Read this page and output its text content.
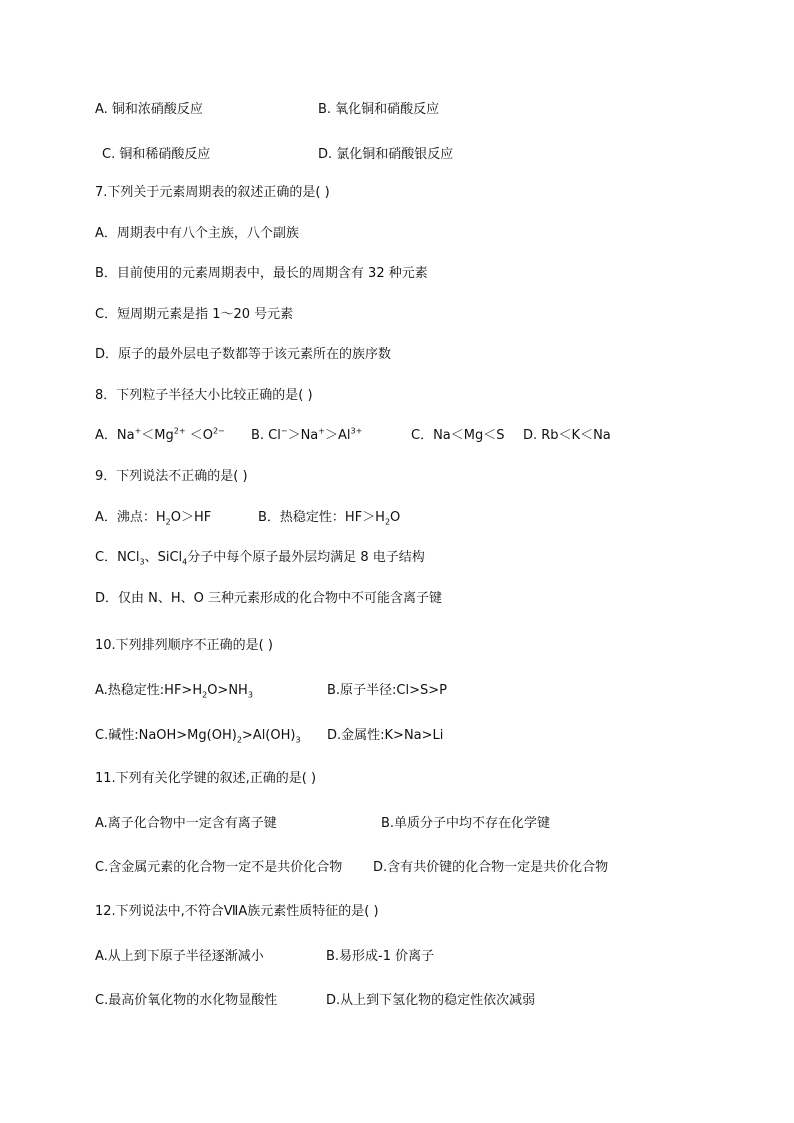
A. 铜和浓硝酸反应	B. 氧化铜和硝酸反应
C. 铜和稀硝酸反应	D. 氯化铜和硝酸银反应
7.下列关于元素周期表的叙述正确的是( )
A．周期表中有八个主族，八个副族
B．目前使用的元素周期表中，最长的周期含有 32 种元素
C．短周期元素是指 1～20 号元素
D．原子的最外层电子数都等于该元素所在的族序数
8．下列粒子半径大小比较正确的是( )
A．$Na^+<Mg^{2+} <O^{2-}$ B. $Cl^->Na^+>Al^{3+}$	C．Na＜Mg＜S D. Rb＜K＜Na
9．下列说法不正确的是( )
A．沸点：$H_2O>HF$	B．热稳定性：$HF>H_2O$
C．NCl$_3$、SiCl$_4$分子中每个原子最外层均满足 8 电子结构
D．仅由 N、H、O 三种元素形成的化合物中不可能含离子键
10.下列排列顺序不正确的是( )
A.热稳定性$:HF>H_2O>NH_3$	B.原子半径:Cl>S>P
C.碱性$:NaOH>Mg(OH)_2>Al(OH)_3$ D.金属性:K>Na>Li
11.下列有关化学键的叙述,正确的是( )
A.离子化合物中一定含有离子键	B.单质分子中均不存在化学键
C.含金属元素的化合物一定不是共价化合物 D.含有共价键的化合物一定是共价化合物
12.下列说法中,不符合ⅦA族元素性质特征的是( )
A.从上到下原子半径逐渐减小	B.易形成-1 价离子
C.最高价氧化物的水化物显酸性	D.从上到下氢化物的稳定性依次减弱
